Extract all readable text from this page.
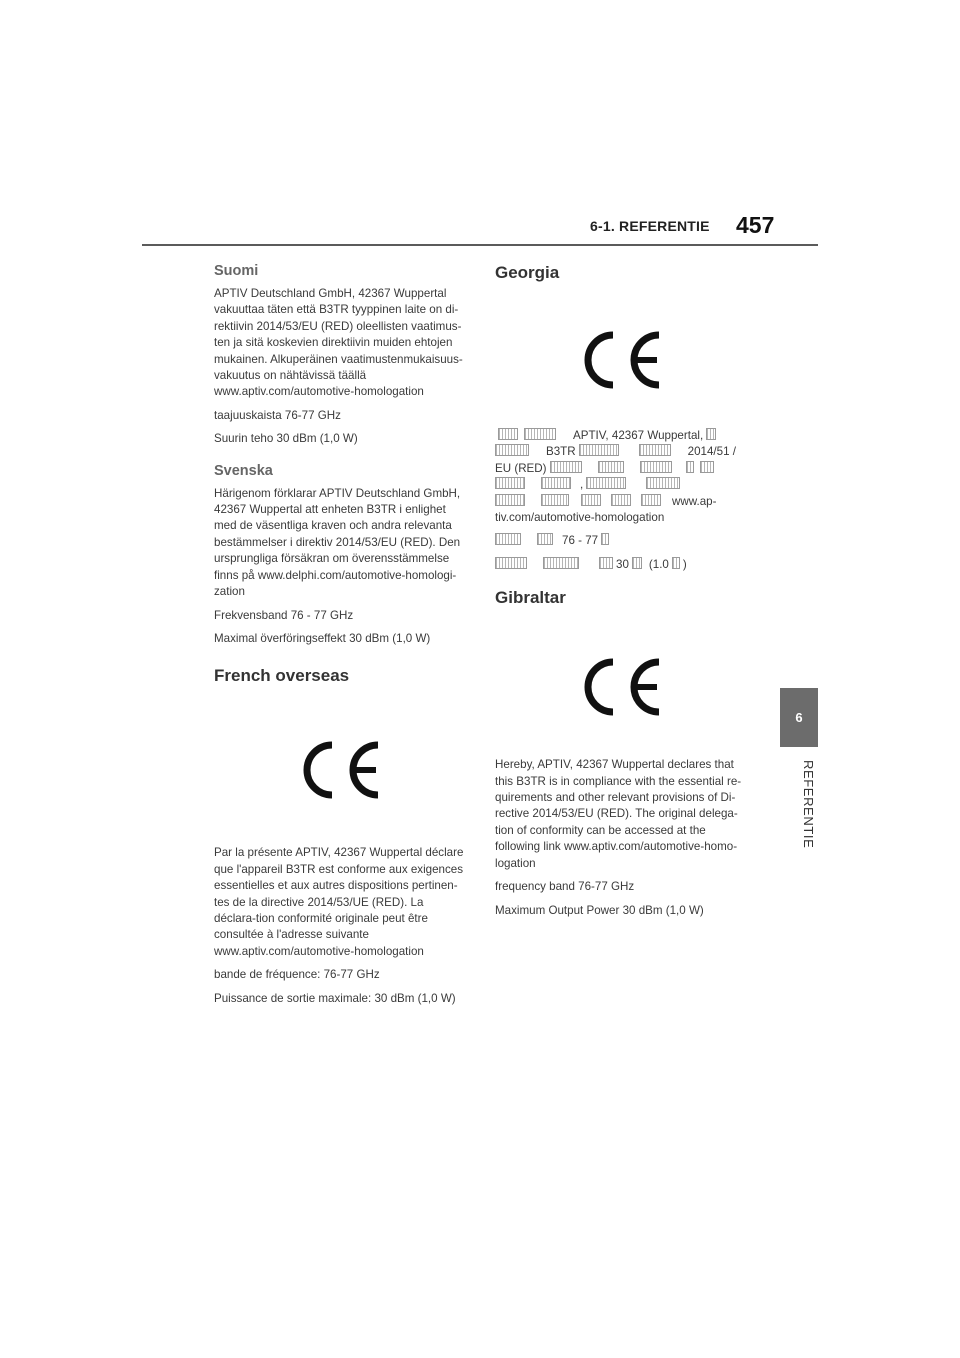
6-1. REFERENTIE 457
6
REFERENTIE
Suomi

APTIV Deutschland GmbH, 42367 Wuppertal vakuuttaa täten että B3TR tyyppinen laite on di-rektiivin 2014/53/EU (RED) oleellisten vaatimus-ten ja sitä koskevien direktiivin muiden ehtojen mukainen. Alkuperäinen vaatimustenmukaisuus-vakuutus on nähtävissä täällä www.aptiv.com/automotive-homologation

taajuuskaista 76-77 GHz

Suurin teho 30 dBm (1,0 W)

Svenska

Härigenom förklarar APTIV Deutschland GmbH, 42367 Wuppertal att enheten B3TR i enlighet med de väsentliga kraven och andra relevanta bestämmelser i direktiv 2014/53/EU (RED). Den ursprungliga försäkran om överensstämmelse finns på www.delphi.com/automotive-homologi-zation

Frekvensband 76 - 77 GHz

Maximal överföringseffekt 30 dBm (1,0 W)

French overseas

Par la présente APTIV, 42367 Wuppertal déclare que l'appareil B3TR est conforme aux exigences essentielles et aux autres dispositions pertinen-tes de la directive 2014/53/UE (RED). La déclara-tion conformité originale peut être consultée à l'adresse suivante www.aptiv.com/automotive-homologation

bande de fréquence: 76-77 GHz

Puissance de sortie maximale: 30 dBm (1,0 W)

Georgia
APTIV, 42367 Wuppertal,
B3TR	2014/51 /
EU (RED)
,
www.ap-
tiv.com/automotive-homologation

76 - 77

30 (1.0 )

Gibraltar

Hereby, APTIV, 42367 Wuppertal declares that this B3TR is in compliance with the essential re-quirements and other relevant provisions of Di-rective 2014/53/EU (RED). The original delega-tion of conformity can be accessed at the following link www.aptiv.com/automotive-homo-logation

frequency band 76-77 GHz

Maximum Output Power 30 dBm (1,0 W)
